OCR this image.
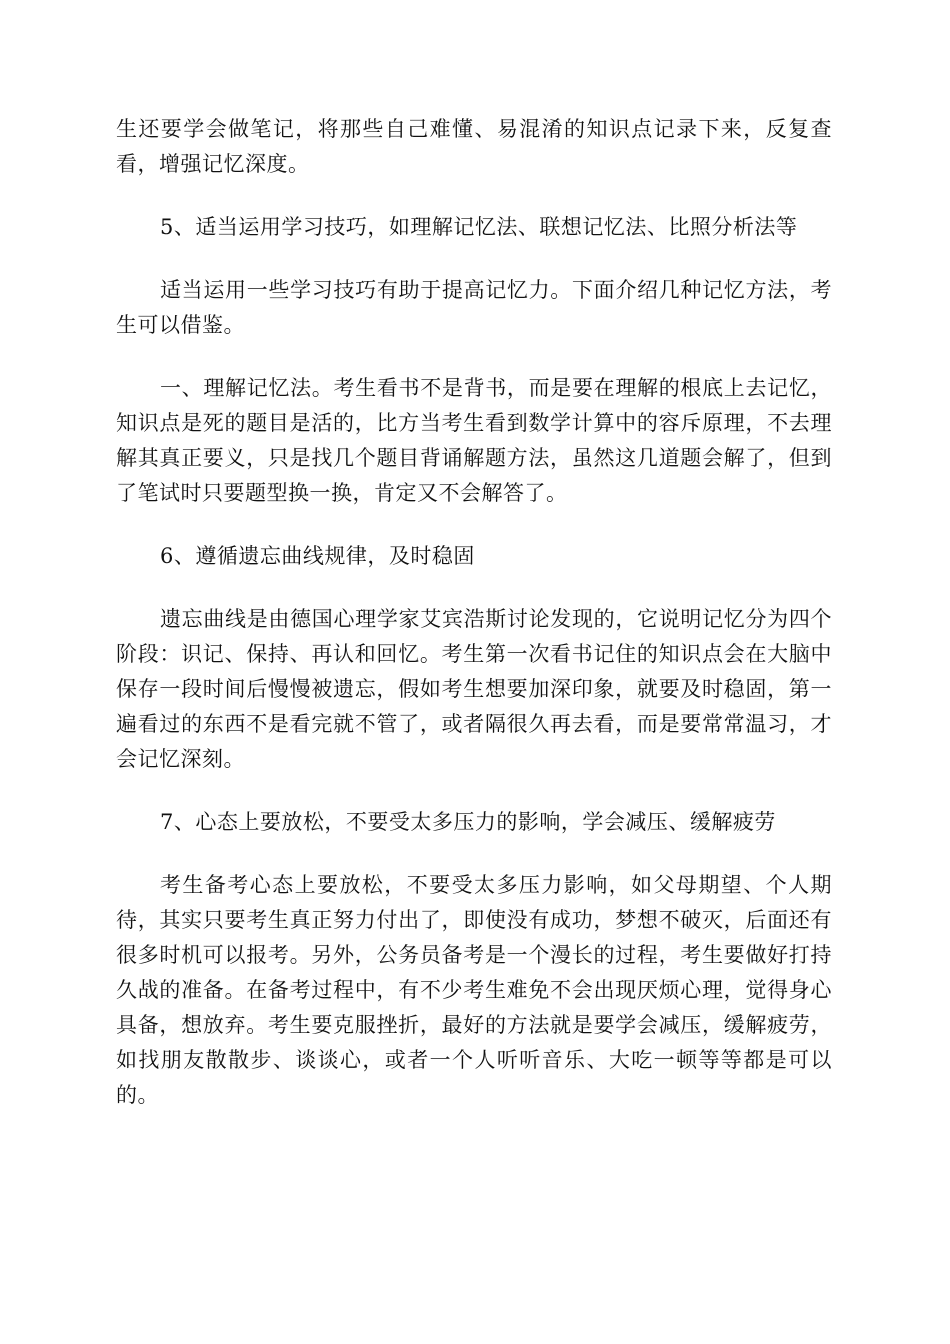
生还要学会做笔记，将那些自己难懂、易混淆的知识点记录下来，反复查看，增强记忆深度。

5、适当运用学习技巧，如理解记忆法、联想记忆法、比照分析法等

适当运用一些学习技巧有助于提高记忆力。下面介绍几种记忆方法，考生可以借鉴。

一、理解记忆法。考生看书不是背书，而是要在理解的根底上去记忆，知识点是死的题目是活的，比方当考生看到数学计算中的容斥原理，不去理解其真正要义，只是找几个题目背诵解题方法，虽然这几道题会解了，但到了笔试时只要题型换一换，肯定又不会解答了。

6、遵循遗忘曲线规律，及时稳固

遗忘曲线是由德国心理学家艾宾浩斯讨论发现的，它说明记忆分为四个阶段：识记、保持、再认和回忆。考生第一次看书记住的知识点会在大脑中保存一段时间后慢慢被遗忘，假如考生想要加深印象，就要及时稳固，第一遍看过的东西不是看完就不管了，或者隔很久再去看，而是要常常温习，才会记忆深刻。

7、心态上要放松，不要受太多压力的影响，学会减压、缓解疲劳

考生备考心态上要放松，不要受太多压力影响，如父母期望、个人期待，其实只要考生真正努力付出了，即使没有成功，梦想不破灭，后面还有很多时机可以报考。另外，公务员备考是一个漫长的过程，考生要做好打持久战的准备。在备考过程中，有不少考生难免不会出现厌烦心理，觉得身心具备，想放弃。考生要克服挫折，最好的方法就是要学会减压，缓解疲劳，如找朋友散散步、谈谈心，或者一个人听听音乐、大吃一顿等等都是可以的。
